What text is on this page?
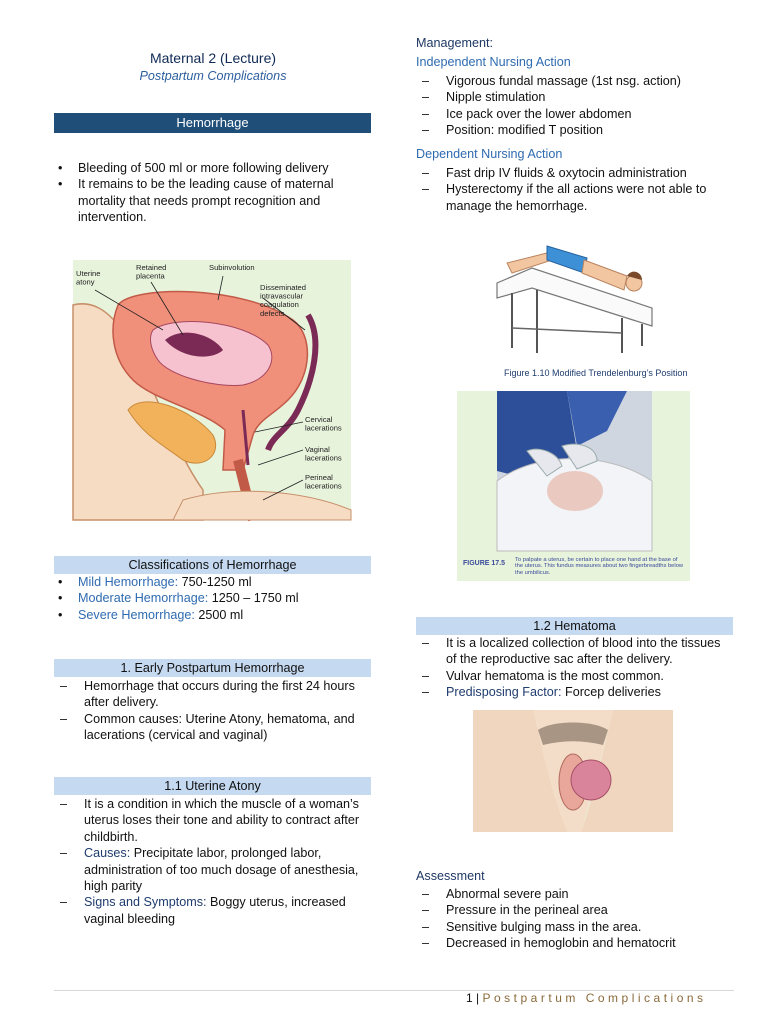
Maternal 2 (Lecture)
Postpartum Complications
Hemorrhage
• Bleeding of 500 ml or more following delivery
• It remains to be the leading cause of maternal mortality that needs prompt recognition and intervention.
Uterine atony
Retained placenta
Subinvolution
Disseminated intravascular coagulation defects
Cervical lacerations
Vaginal lacerations
Perineal lacerations
Classifications of Hemorrhage
• Mild Hemorrhage: 750-1250 ml
• Moderate Hemorrhage: 1250 – 1750 ml
• Severe Hemorrhage: 2500 ml
1. Early Postpartum Hemorrhage
– Hemorrhage that occurs during the first 24 hours after delivery.
– Common causes: Uterine Atony, hematoma, and lacerations (cervical and vaginal)
1.1 Uterine Atony
– It is a condition in which the muscle of a woman’s uterus loses their tone and ability to contract after childbirth.
– Causes: Precipitate labor, prolonged labor, administration of too much dosage of anesthesia, high parity
– Signs and Symptoms: Boggy uterus, increased vaginal bleeding
Management:
Independent Nursing Action
– Vigorous fundal massage (1st nsg. action)
– Nipple stimulation
– Ice pack over the lower abdomen
– Position: modified T position
Dependent Nursing Action
– Fast drip IV fluids & oxytocin administration
– Hysterectomy if the all actions were not able to manage the hemorrhage.
Figure 1.10 Modified Trendelenburg’s Position
FIGURE 17.5 To palpate a uterus, be certain to place one hand at the base of the uterus. This fundus measures about two fingerbreadths below the umbilicus.
1.2 Hematoma
– It is a localized collection of blood into the tissues of the reproductive sac after the delivery.
– Vulvar hematoma is the most common.
– Predisposing Factor: Forcep deliveries
Assessment
– Abnormal severe pain
– Pressure in the perineal area
– Sensitive bulging mass in the area.
– Decreased in hemoglobin and hematocrit
1 | Postpartum Complications
